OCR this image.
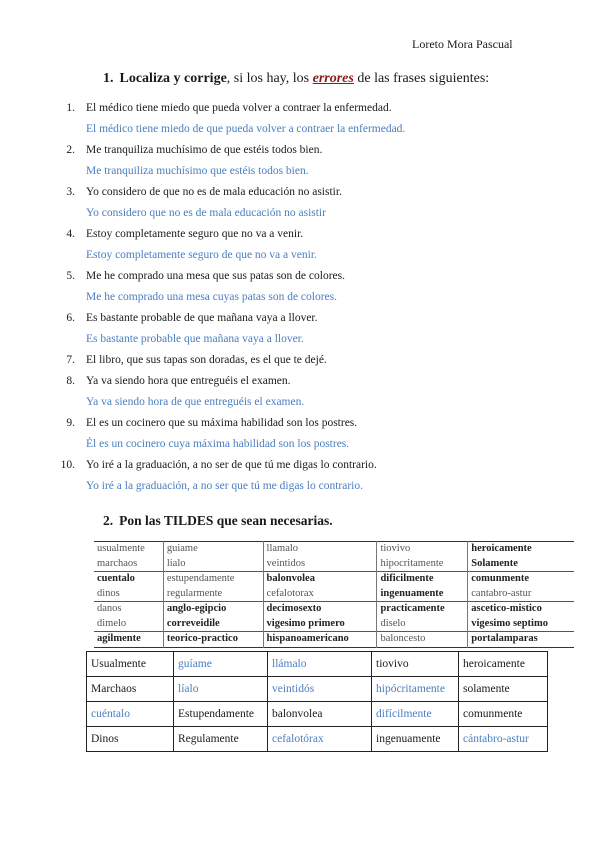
Loreto Mora Pascual
1. Localiza y corrige, si los hay, los errores de las frases siguientes:
1. El médico tiene miedo que pueda volver a contraer la enfermedad.
El médico tiene miedo de que pueda volver a contraer la enfermedad.
2. Me tranquiliza muchísimo de que estéis todos bien.
Me tranquiliza muchísimo que estéis todos bien.
3. Yo considero de que no es de mala educación no asistir.
Yo considero que no es de mala educación no asistir
4. Estoy completamente seguro que no va a venir.
Estoy completamente seguro de que no va a venir.
5. Me he comprado una mesa que sus patas son de colores.
Me he comprado una mesa cuyas patas son de colores.
6. Es bastante probable de que mañana vaya a llover.
Es bastante probable que mañana vaya a llover.
7. El libro, que sus tapas son doradas, es el que te dejé.
8. Ya va siendo hora que entreguéis el examen.
Ya va siendo hora de que entreguéis el examen.
9. El es un cocinero que su máxima habilidad son los postres.
Él es un cocinero cuya máxima habilidad son los postres.
10. Yo iré a la graduación, a no ser de que tú me digas lo contrario.
Yo iré a la graduación, a no ser que tú me digas lo contrario.
2. Pon las TILDES que sean necesarias.
usualmente	guiame	llamalo	tiovivo	heroicamente
marchaos	lialo	veintidos	hipocritamente	Solamente
cuentalo	estupendamente	balonvolea	dificilmente	comunmente
dinos	regularmente	cefalotorax	ingenuamente	cantabro-astur
danos	anglo-egipcio	decimosexto	practicamente	ascetico-mistico
dimelo	correveidile	vigesimo primero	diselo	vigesimo septimo
agilmente	teorico-practico	hispanoamericano	baloncesto	portalamparas
Usualmente	guíame	llámalo	tiovivo	heroicamente
Marchaos	líalo	veintidós	hipócritamente	solamente
cuéntalo	Estupendamente	balonvolea	difícilmente	comunmente
Dinos	Regulamente	cefalotórax	ingenuamente	cántabro-astur
